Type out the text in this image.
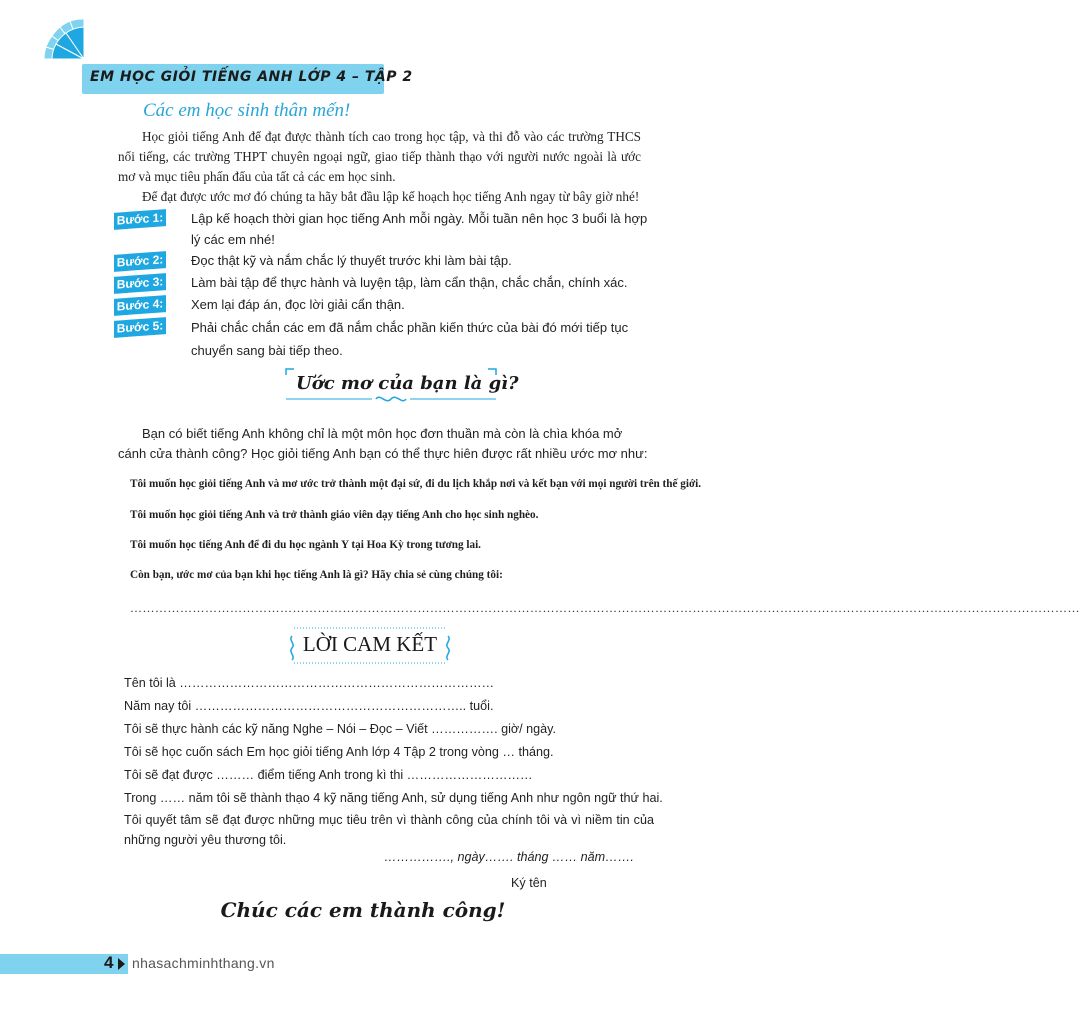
EM HỌC GIỎI TIẾNG ANH LỚP 4 – TẬP 2
Các em học sinh thân mến!
Học giỏi tiếng Anh để đạt được thành tích cao trong học tập, và thi đỗ vào các trường THCS nổi tiếng, các trường THPT chuyên ngoại ngữ, giao tiếp thành thạo với người nước ngoài là ước mơ và mục tiêu phấn đấu của tất cả các em học sinh.
Để đạt được ước mơ đó chúng ta hãy bắt đầu lập kế hoạch học tiếng Anh ngay từ bây giờ nhé!
Bước 1: Lập kế hoạch thời gian học tiếng Anh mỗi ngày. Mỗi tuần nên học 3 buổi là hợp lý các em nhé!
Bước 2: Đọc thật kỹ và nắm chắc lý thuyết trước khi làm bài tập.
Bước 3: Làm bài tập để thực hành và luyện tập, làm cẩn thận, chắc chắn, chính xác.
Bước 4: Xem lại đáp án, đọc lời giải cẩn thận.
Bước 5: Phải chắc chắn các em đã nắm chắc phần kiến thức của bài đó mới tiếp tục chuyển sang bài tiếp theo.
Ước mơ của bạn là gì?
Bạn có biết tiếng Anh không chỉ là một môn học đơn thuần mà còn là chìa khóa mở cánh cửa thành công? Học giỏi tiếng Anh bạn có thể thực hiên được rất nhiều ước mơ như:
Tôi muốn học giỏi tiếng Anh và mơ ước trở thành một đại sứ, đi du lịch khắp nơi và kết bạn với mọi người trên thế giới.
Tôi muốn học giỏi tiếng Anh và trở thành giáo viên dạy tiếng Anh cho học sinh nghèo.
Tôi muốn học tiếng Anh để đi du học ngành Y tại Hoa Kỳ trong tương lai.
Còn bạn, ước mơ của bạn khi học tiếng Anh là gì? Hãy chia sẻ cùng chúng tôi:
…………………………………………………………………………………………………………………………………………………………………………………………………………
LỜI CAM KẾT
Tên tôi là …………………………………………………………………
Năm nay tôi ……………………………………………………….. tuổi.
Tôi sẽ thực hành các kỹ năng Nghe – Nói – Đọc – Viết ……………. giờ/ ngày.
Tôi sẽ học cuốn sách Em học giỏi tiếng Anh lớp 4 Tập 2 trong vòng … tháng.
Tôi sẽ đạt được ……… điểm tiếng Anh trong kì thi …………………………
Trong …… năm tôi sẽ thành thạo 4 kỹ năng tiếng Anh, sử dụng tiếng Anh như ngôn ngữ thứ hai.
Tôi quyết tâm sẽ đạt được những mục tiêu trên vì thành công của chính tôi và vì niềm tin của những người yêu thương tôi.
……………., ngày……. tháng …… năm…….
Ký tên
Chúc các em thành công!
4 nhasachminhthang.vn
